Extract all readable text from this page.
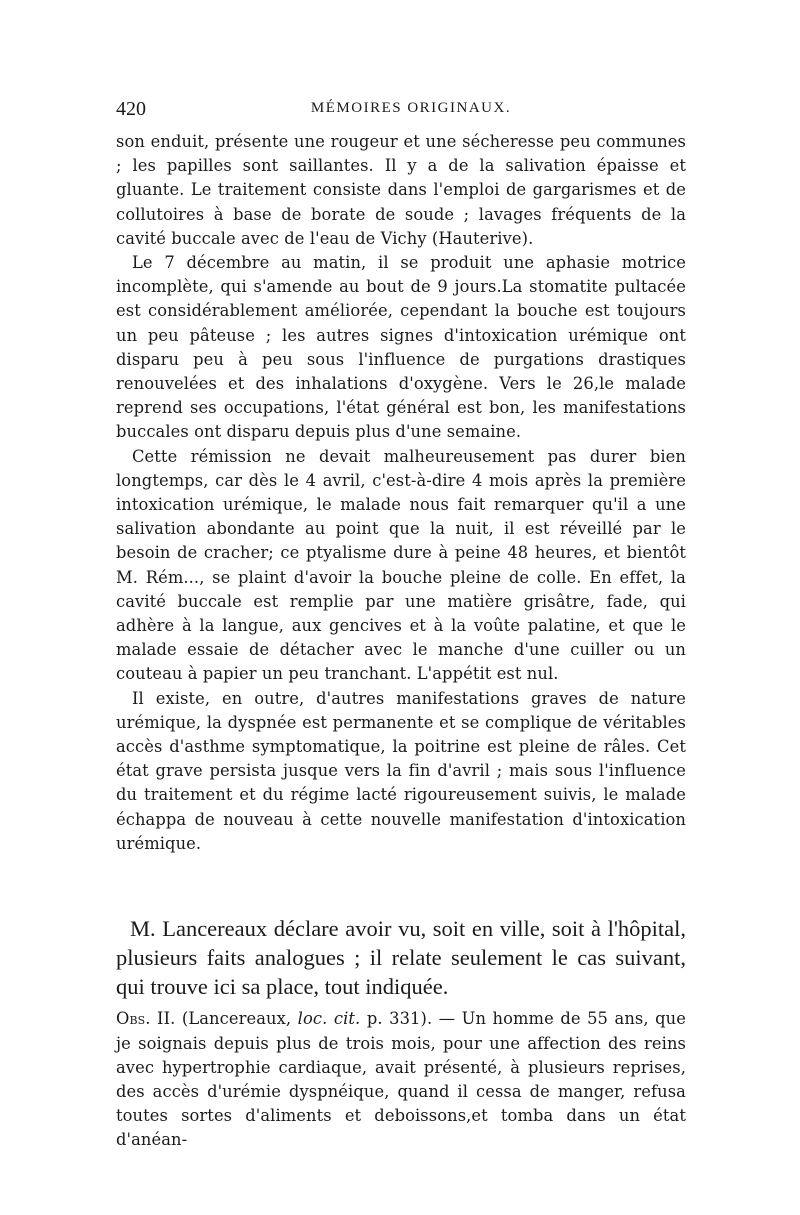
420	MÉMOIRES ORIGINAUX.

son enduit, présente une rougeur et une sécheresse peu communes ; les papilles sont saillantes. Il y a de la salivation épaisse et gluante. Le traitement consiste dans l'emploi de gargarismes et de collutoires à base de borate de soude ; lavages fréquents de la cavité buccale avec de l'eau de Vichy (Hauterive).

Le 7 décembre au matin, il se produit une aphasie motrice incomplète, qui s'amende au bout de 9 jours.La stomatite pultacée est considérablement améliorée, cependant la bouche est toujours un peu pâteuse ; les autres signes d'intoxication urémique ont disparu peu à peu sous l'influence de purgations drastiques renouvelées et des inhalations d'oxygène. Vers le 26,le malade reprend ses occupations, l'état général est bon, les manifestations buccales ont disparu depuis plus d'une semaine.

Cette rémission ne devait malheureusement pas durer bien longtemps, car dès le 4 avril, c'est-à-dire 4 mois après la première intoxication urémique, le malade nous fait remarquer qu'il a une salivation abondante au point que la nuit, il est réveillé par le besoin de cracher; ce ptyalisme dure à peine 48 heures, et bientôt M. Rém..., se plaint d'avoir la bouche pleine de colle. En effet, la cavité buccale est remplie par une matière grisâtre, fade, qui adhère à la langue, aux gencives et à la voûte palatine, et que le malade essaie de détacher avec le manche d'une cuiller ou un couteau à papier un peu tranchant. L'appétit est nul.

Il existe, en outre, d'autres manifestations graves de nature urémique, la dyspnée est permanente et se complique de véritables accès d'asthme symptomatique, la poitrine est pleine de râles. Cet état grave persista jusque vers la fin d'avril ; mais sous l'influence du traitement et du régime lacté rigoureusement suivis, le malade échappa de nouveau à cette nouvelle manifestation d'intoxication urémique.

M. Lancereaux déclare avoir vu, soit en ville, soit à l'hôpital, plusieurs faits analogues ; il relate seulement le cas suivant, qui trouve ici sa place, tout indiquée.

Obs. II. (Lancereaux, loc. cit. p. 331). — Un homme de 55 ans, que je soignais depuis plus de trois mois, pour une affection des reins avec hypertrophie cardiaque, avait présenté, à plusieurs reprises, des accès d'urémie dyspnéique, quand il cessa de manger, refusa toutes sortes d'aliments et deboissons,et tomba dans un état d'anéan-
